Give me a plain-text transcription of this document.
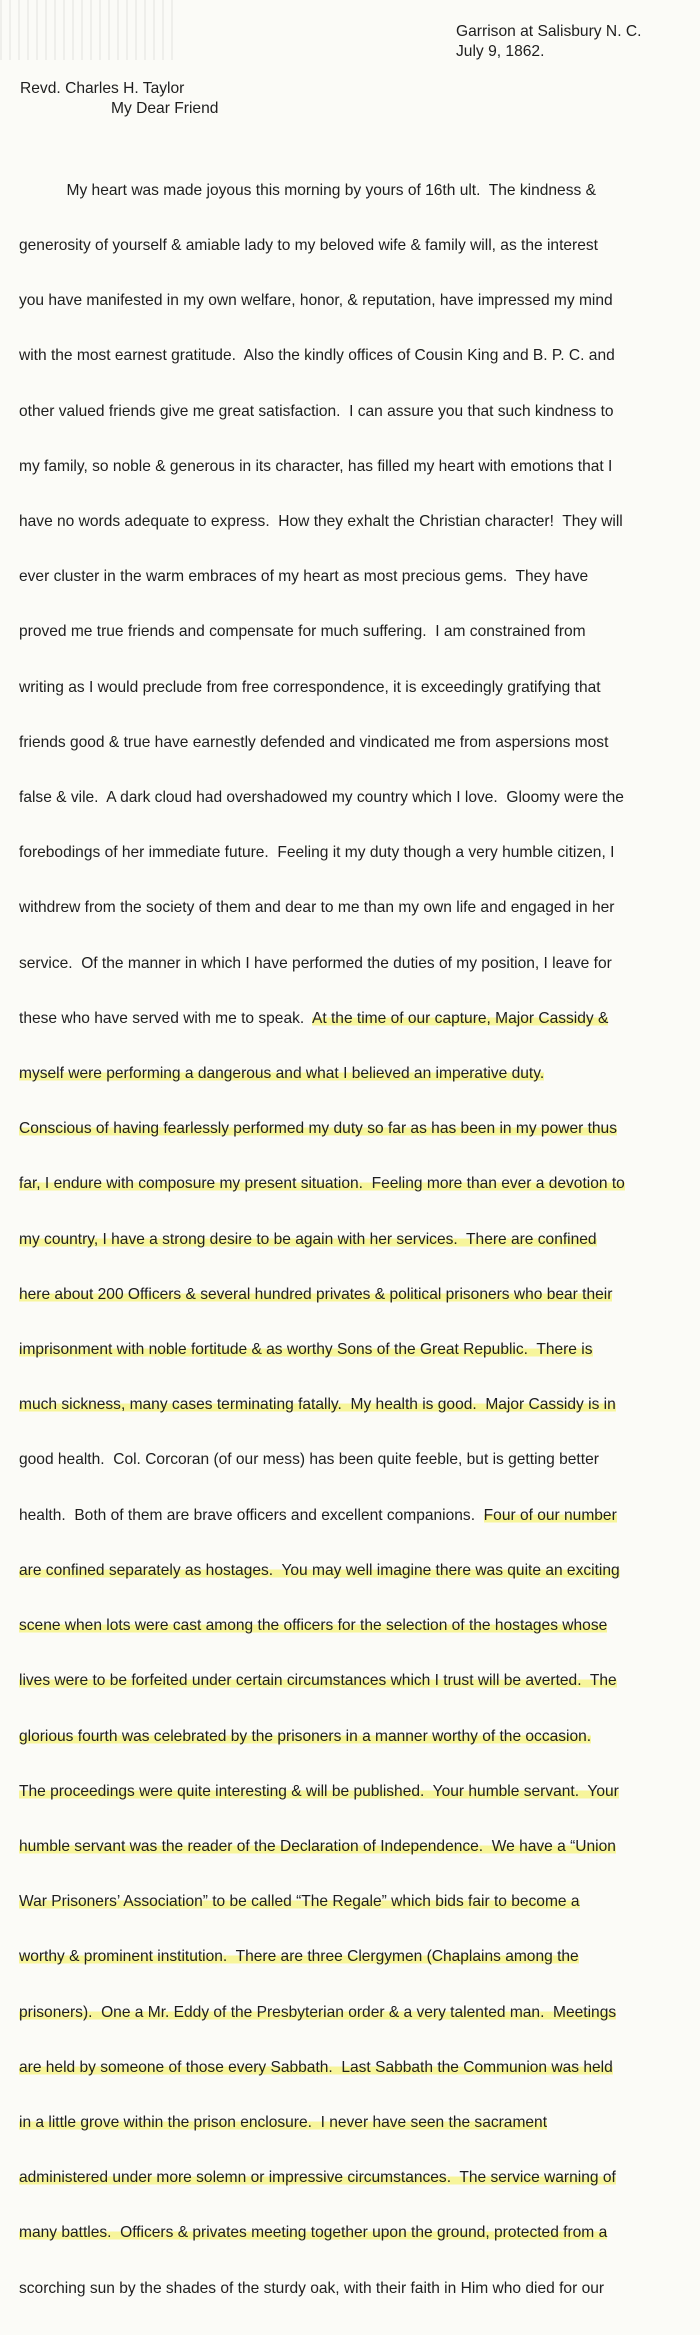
Garrison at Salisbury N. C.
July 9, 1862.
Revd. Charles H. Taylor
My Dear Friend

My heart was made joyous this morning by yours of 16th ult.  The kindness &

generosity of yourself & amiable lady to my beloved wife & family will, as the interest

you have manifested in my own welfare, honor, & reputation, have impressed my mind

with the most earnest gratitude.  Also the kindly offices of Cousin King and B. P. C. and

other valued friends give me great satisfaction.  I can assure you that such kindness to

my family, so noble & generous in its character, has filled my heart with emotions that I

have no words adequate to express.  How they exhalt the Christian character!  They will

ever cluster in the warm embraces of my heart as most precious gems.  They have

proved me true friends and compensate for much suffering.  I am constrained from

writing as I would preclude from free correspondence, it is exceedingly gratifying that

friends good & true have earnestly defended and vindicated me from aspersions most

false & vile.  A dark cloud had overshadowed my country which I love.  Gloomy were the

forebodings of her immediate future.  Feeling it my duty though a very humble citizen, I

withdrew from the society of them and dear to me than my own life and engaged in her

service.  Of the manner in which I have performed the duties of my position, I leave for

these who have served with me to speak.  At the time of our capture, Major Cassidy &

myself were performing a dangerous and what I believed an imperative duty.

Conscious of having fearlessly performed my duty so far as has been in my power thus

far, I endure with composure my present situation.  Feeling more than ever a devotion to

my country, I have a strong desire to be again with her services.  There are confined

here about 200 Officers & several hundred privates & political prisoners who bear their

imprisonment with noble fortitude & as worthy Sons of the Great Republic.  There is

much sickness, many cases terminating fatally.  My health is good.  Major Cassidy is in

good health.  Col. Corcoran (of our mess) has been quite feeble, but is getting better

health.  Both of them are brave officers and excellent companions.  Four of our number

are confined separately as hostages.  You may well imagine there was quite an exciting

scene when lots were cast among the officers for the selection of the hostages whose

lives were to be forfeited under certain circumstances which I trust will be averted.  The

glorious fourth was celebrated by the prisoners in a manner worthy of the occasion.

The proceedings were quite interesting & will be published.  Your humble servant.  Your

humble servant was the reader of the Declaration of Independence.  We have a “Union

War Prisoners’ Association” to be called “The Regale” which bids fair to become a

worthy & prominent institution.  There are three Clergymen (Chaplains among the

prisoners).  One a Mr. Eddy of the Presbyterian order & a very talented man.  Meetings

are held by someone of those every Sabbath.  Last Sabbath the Communion was held

in a little grove within the prison enclosure.  I never have seen the sacrament

administered under more solemn or impressive circumstances.  The service warning of

many battles.  Officers & privates meeting together upon the ground, protected from a

scorching sun by the shades of the sturdy oak, with their faith in Him who died for our
